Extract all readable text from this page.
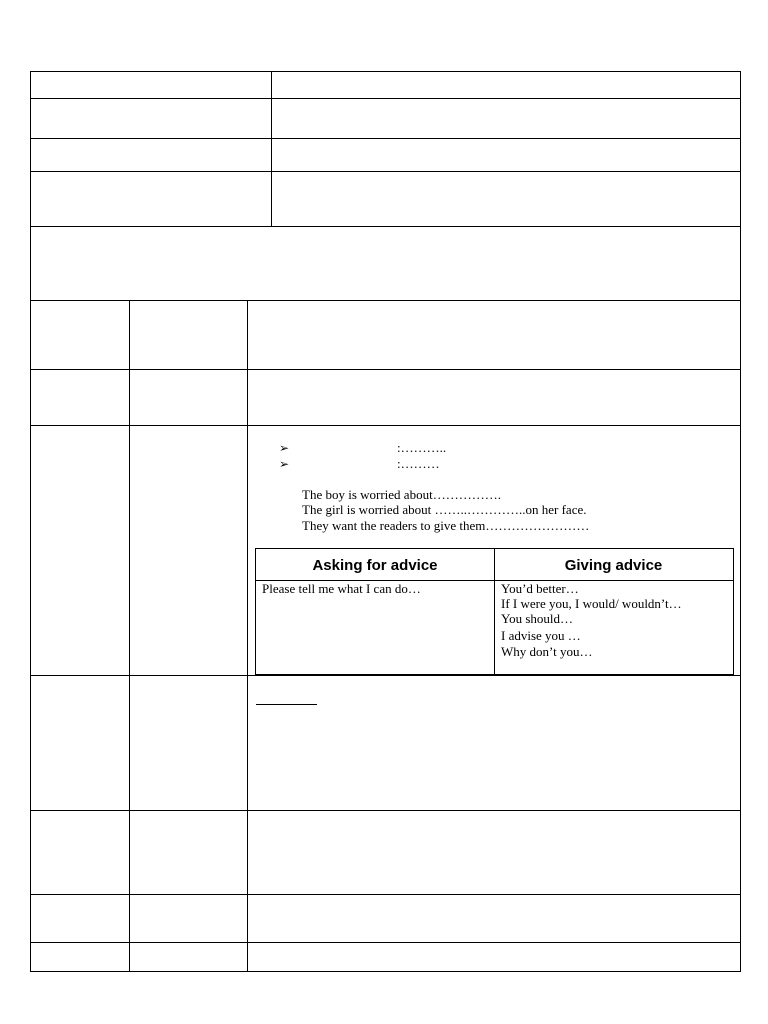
➢	:………..
➢	:………
The boy is worried about…………….
The girl is worried about ……..…………..on her face.
They want the readers to give them……………………
Asking for advice	Giving advice
Please tell me what I can do…	You’d better…
If I were you, I would/ wouldn’t…
You should…
I advise you …
Why don’t you…
